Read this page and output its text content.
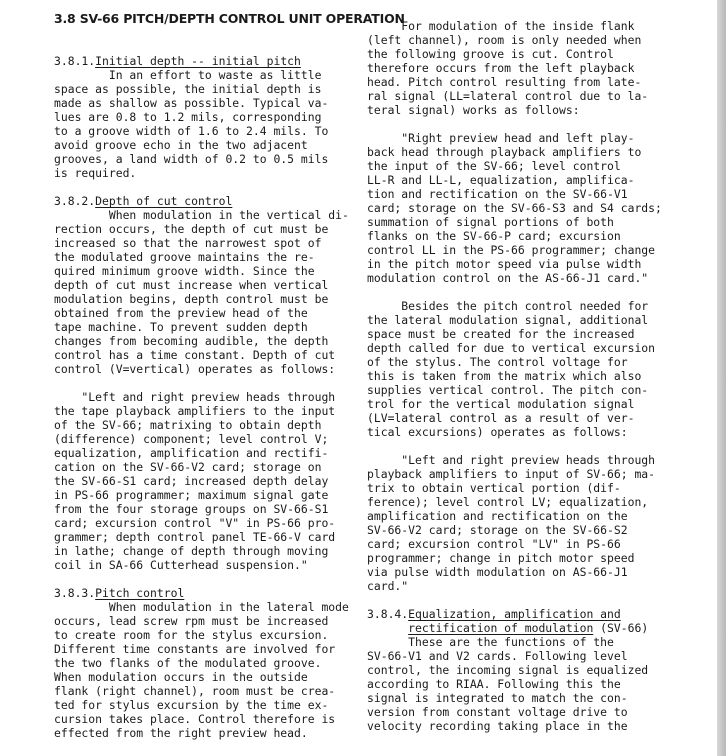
3.8 SV-66 PITCH/DEPTH CONTROL UNIT OPERATION
3.8.1.Initial depth -- initial pitch
In an effort to waste as little
space as possible, the initial depth is
made as shallow as possible. Typical va-
lues are 0.8 to 1.2 mils, corresponding
to a groove width of 1.6 to 2.4 mils. To
avoid groove echo in the two adjacent
grooves, a land width of 0.2 to 0.5 mils
is required.
3.8.2.Depth of cut control
When modulation in the vertical di-
rection occurs, the depth of cut must be
increased so that the narrowest spot of
the modulated groove maintains the re-
quired minimum groove width. Since the
depth of cut must increase when vertical
modulation begins, depth control must be
obtained from the preview head of the
tape machine. To prevent sudden depth
changes from becoming audible, the depth
control has a time constant. Depth of cut
control (V=vertical) operates as follows:
"Left and right preview heads through
the tape playback amplifiers to the input
of the SV-66; matrixing to obtain depth
(difference) component; level control V;
equalization, amplification and rectifi-
cation on the SV-66-V2 card; storage on
the SV-66-S1 card; increased depth delay
in PS-66 programmer; maximum signal gate
from the four storage groups on SV-66-S1
card; excursion control "V" in PS-66 pro-
grammer; depth control panel TE-66-V card
in lathe; change of depth through moving
coil in SA-66 Cutterhead suspension."
3.8.3.Pitch control
When modulation in the lateral mode
occurs, lead screw rpm must be increased
to create room for the stylus excursion.
Different time constants are involved for
the two flanks of the modulated groove.
When modulation occurs in the outside
flank (right channel), room must be crea-
ted for stylus excursion by the time ex-
cursion takes place. Control therefore is
effected from the right preview head.
For modulation of the inside flank
(left channel), room is only needed when
the following groove is cut. Control
therefore occurs from the left playback
head. Pitch control resulting from late-
ral signal (LL=lateral control due to la-
teral signal) works as follows:
"Right preview head and left play-
back head through playback amplifiers to
the input of the SV-66; level control
LL-R and LL-L, equalization, amplifica-
tion and rectification on the SV-66-V1
card; storage on the SV-66-S3 and S4 cards;
summation of signal portions of both
flanks on the SV-66-P card; excursion
control LL in the PS-66 programmer; change
in the pitch motor speed via pulse width
modulation control on the AS-66-J1 card."
Besides the pitch control needed for
the lateral modulation signal, additional
space must be created for the increased
depth called for due to vertical excursion
of the stylus. The control voltage for
this is taken from the matrix which also
supplies vertical control. The pitch con-
trol for the vertical modulation signal
(LV=lateral control as a result of ver-
tical excursions) operates as follows:
"Left and right preview heads through
playback amplifiers to input of SV-66; ma-
trix to obtain vertical portion (dif-
ference); level control LV; equalization,
amplification and rectification on the
SV-66-V2 card; storage on the SV-66-S2
card; excursion control "LV" in PS-66
programmer; change in pitch motor speed
via pulse width modulation on AS-66-J1
card."
3.8.4.Equalization, amplification and
rectification of modulation (SV-66)
These are the functions of the
SV-66-V1 and V2 cards. Following level
control, the incoming signal is equalized
according to RIAA. Following this the
signal is integrated to match the con-
version from constant voltage drive to
velocity recording taking place in the
